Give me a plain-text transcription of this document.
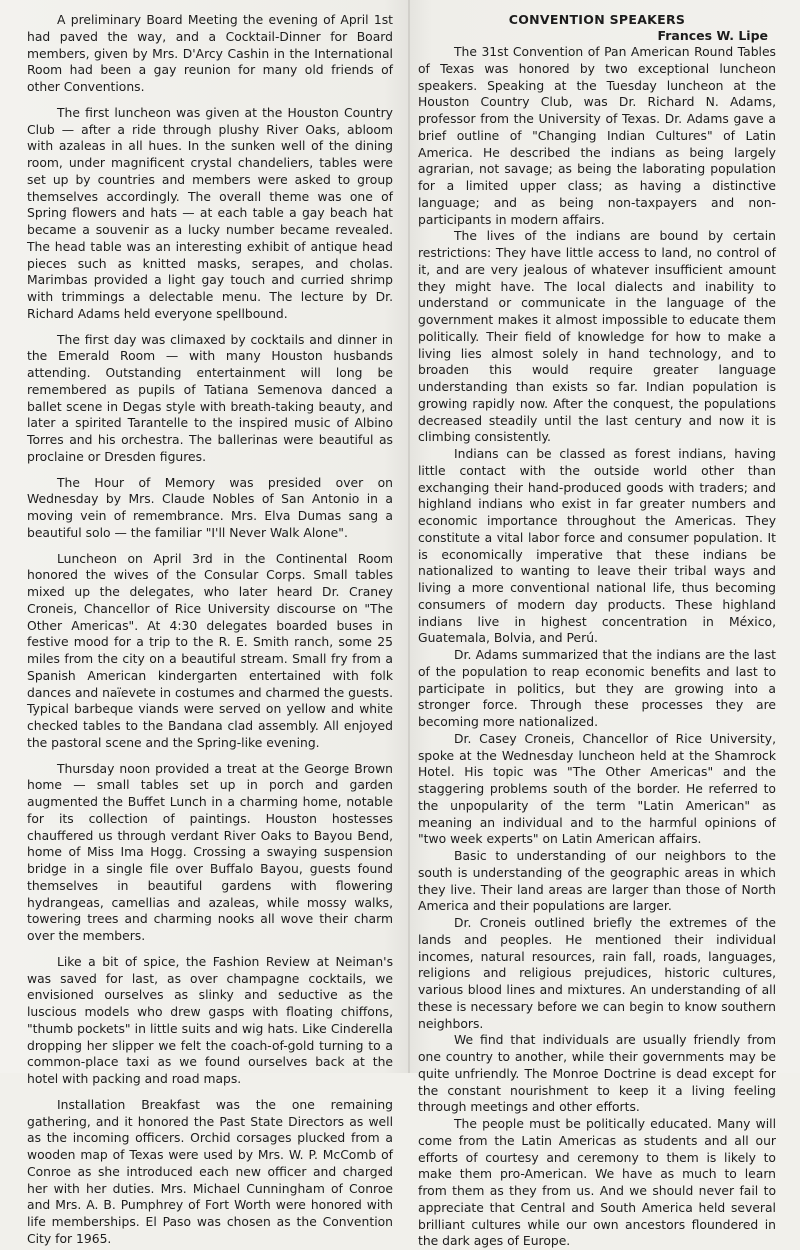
A preliminary Board Meeting the evening of April 1st had paved the way, and a Cocktail-Dinner for Board members, given by Mrs. D'Arcy Cashin in the International Room had been a gay reunion for many old friends of other Conventions.

The first luncheon was given at the Houston Country Club — after a ride through plushy River Oaks, abloom with azaleas in all hues. In the sunken well of the dining room, under magnificent crystal chandeliers, tables were set up by countries and members were asked to group themselves accordingly. The overall theme was one of Spring flowers and hats — at each table a gay beach hat became a souvenir as a lucky number became revealed. The head table was an interesting exhibit of antique head pieces such as knitted masks, serapes, and cholas. Marimbas provided a light gay touch and curried shrimp with trimmings a delectable menu. The lecture by Dr. Richard Adams held everyone spellbound.

The first day was climaxed by cocktails and dinner in the Emerald Room — with many Houston husbands attending. Outstanding entertainment will long be remembered as pupils of Tatiana Semenova danced a ballet scene in Degas style with breath-taking beauty, and later a spirited Tarantelle to the inspired music of Albino Torres and his orchestra. The ballerinas were beautiful as proclaine or Dresden figures.

The Hour of Memory was presided over on Wednesday by Mrs. Claude Nobles of San Antonio in a moving vein of remembrance. Mrs. Elva Dumas sang a beautiful solo — the familiar "I'll Never Walk Alone".

Luncheon on April 3rd in the Continental Room honored the wives of the Consular Corps. Small tables mixed up the delegates, who later heard Dr. Craney Croneis, Chancellor of Rice University discourse on "The Other Americas". At 4:30 delegates boarded buses in festive mood for a trip to the R. E. Smith ranch, some 25 miles from the city on a beautiful stream. Small fry from a Spanish American kindergarten entertained with folk dances and naïevete in costumes and charmed the guests. Typical barbeque viands were served on yellow and white checked tables to the Bandana clad assembly. All enjoyed the pastoral scene and the Spring-like evening.

Thursday noon provided a treat at the George Brown home — small tables set up in porch and garden augmented the Buffet Lunch in a charming home, notable for its collection of paintings. Houston hostesses chauffered us through verdant River Oaks to Bayou Bend, home of Miss Ima Hogg. Crossing a swaying suspension bridge in a single file over Buffalo Bayou, guests found themselves in beautiful gardens with flowering hydrangeas, camellias and azaleas, while mossy walks, towering trees and charming nooks all wove their charm over the members.

Like a bit of spice, the Fashion Review at Neiman's was saved for last, as over champagne cocktails, we envisioned ourselves as slinky and seductive as the luscious models who drew gasps with floating chiffons, "thumb pockets" in little suits and wig hats. Like Cinderella dropping her slipper we felt the coach-of-gold turning to a common-place taxi as we found ourselves back at the hotel with packing and road maps.

Installation Breakfast was the one remaining gathering, and it honored the Past State Directors as well as the incoming officers. Orchid corsages plucked from a wooden map of Texas were used by Mrs. W. P. McComb of Conroe as she introduced each new officer and charged her with her duties. Mrs. Michael Cunningham of Conroe and Mrs. A. B. Pumphrey of Fort Worth were honored with life memberships. El Paso was chosen as the Convention City for 1965.

CONVENTION SPEAKERS

Frances W. Lipe

The 31st Convention of Pan American Round Tables of Texas was honored by two exceptional luncheon speakers. Speaking at the Tuesday luncheon at the Houston Country Club, was Dr. Richard N. Adams, professor from the University of Texas. Dr. Adams gave a brief outline of "Changing Indian Cultures" of Latin America. He described the indians as being largely agrarian, not savage; as being the laborating population for a limited upper class; as having a distinctive language; and as being non-taxpayers and non-participants in modern affairs.

The lives of the indians are bound by certain restrictions: They have little access to land, no control of it, and are very jealous of whatever insufficient amount they might have. The local dialects and inability to understand or communicate in the language of the government makes it almost impossible to educate them politically. Their field of knowledge for how to make a living lies almost solely in hand technology, and to broaden this would require greater language understanding than exists so far. Indian population is growing rapidly now. After the conquest, the populations decreased steadily until the last century and now it is climbing consistently.

Indians can be classed as forest indians, having little contact with the outside world other than exchanging their hand-produced goods with traders; and highland indians who exist in far greater numbers and economic importance throughout the Americas. They constitute a vital labor force and consumer population. It is economically imperative that these indians be nationalized to wanting to leave their tribal ways and living a more conventional national life, thus becoming consumers of modern day products. These highland indians live in highest concentration in México, Guatemala, Bolvia, and Perú.

Dr. Adams summarized that the indians are the last of the population to reap economic benefits and last to participate in politics, but they are growing into a stronger force. Through these processes they are becoming more nationalized.

Dr. Casey Croneis, Chancellor of Rice University, spoke at the Wednesday luncheon held at the Shamrock Hotel. His topic was "The Other Americas" and the staggering problems south of the border. He referred to the unpopularity of the term "Latin American" as meaning an individual and to the harmful opinions of "two week experts" on Latin American affairs.

Basic to understanding of our neighbors to the south is understanding of the geographic areas in which they live. Their land areas are larger than those of North America and their populations are larger.

Dr. Croneis outlined briefly the extremes of the lands and peoples. He mentioned their individual incomes, natural resources, rain fall, roads, languages, religions and religious prejudices, historic cultures, various blood lines and mixtures. An understanding of all these is necessary before we can begin to know southern neighbors.

We find that individuals are usually friendly from one country to another, while their governments may be quite unfriendly. The Monroe Doctrine is dead except for the constant nourishment to keep it a living feeling through meetings and other efforts.

The people must be politically educated. Many will come from the Latin Americas as students and all our efforts of courtesy and ceremony to them is likely to make them pro-American. We have as much to learn from them as they from us. And we should never fail to appreciate that Central and South America held several brilliant cultures while our own ancestors floundered in the dark ages of Europe.
